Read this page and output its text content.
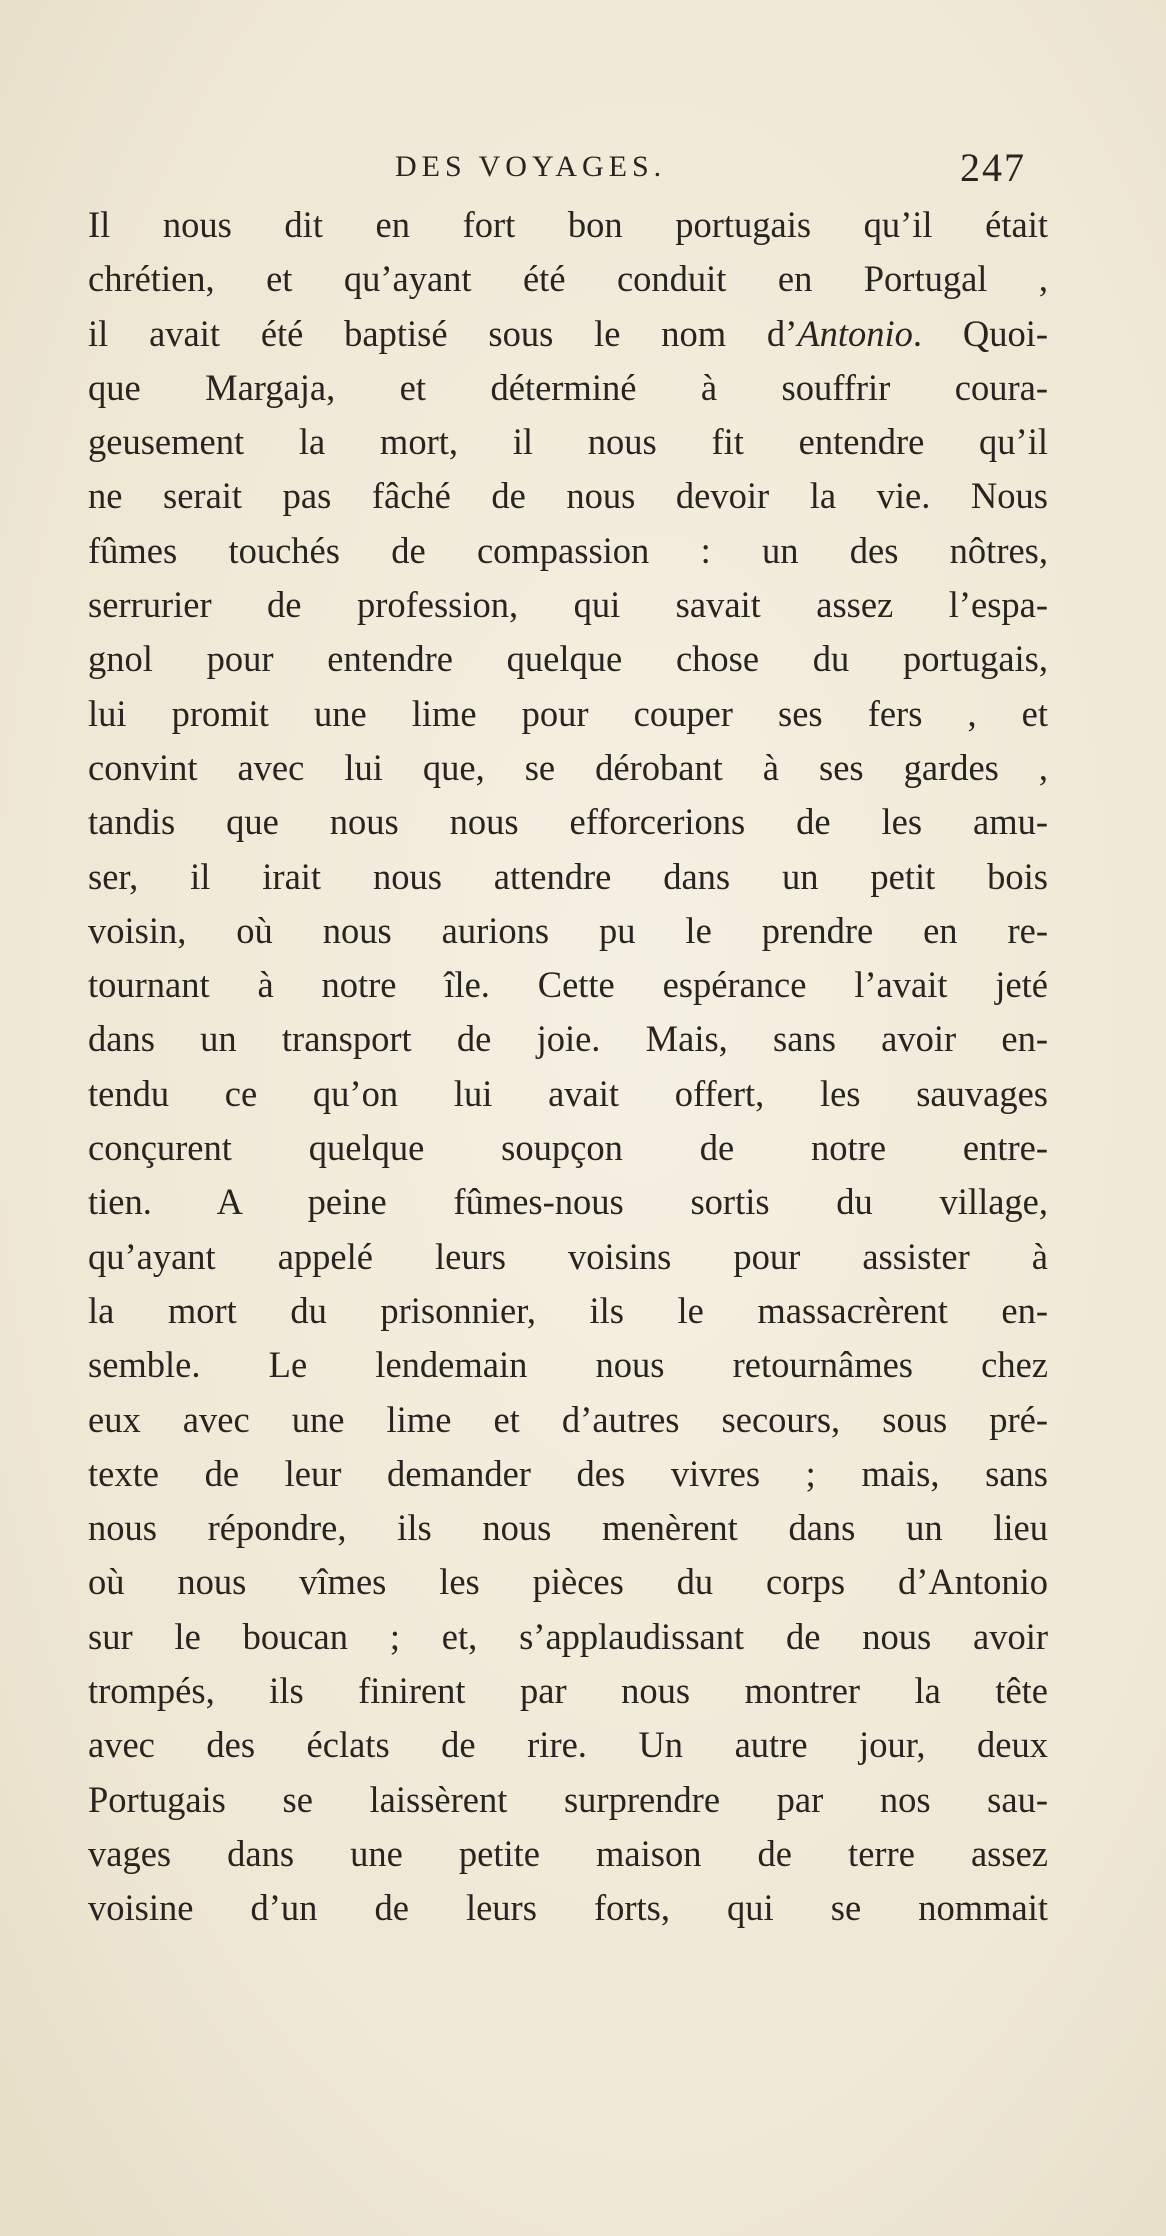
DES VOYAGES.	247
Il nous dit en fort bon portugais qu’il était
chrétien, et qu’ayant été conduit en Portugal ,
il avait été baptisé sous le nom d’Antonio. Quoi-
que Margaja, et déterminé à souffrir coura-
geusement la mort, il nous fit entendre qu’il
ne serait pas fâché de nous devoir la vie. Nous
fûmes touchés de compassion : un des nôtres,
serrurier de profession, qui savait assez l’espa-
gnol pour entendre quelque chose du portugais,
lui promit une lime pour couper ses fers , et
convint avec lui que, se dérobant à ses gardes ,
tandis que nous nous efforcerions de les amu-
ser, il irait nous attendre dans un petit bois
voisin, où nous aurions pu le prendre en re-
tournant à notre île. Cette espérance l’avait jeté
dans un transport de joie. Mais, sans avoir en-
tendu ce qu’on lui avait offert, les sauvages
conçurent quelque soupçon de notre entre-
tien. A peine fûmes-nous sortis du village,
qu’ayant appelé leurs voisins pour assister à
la mort du prisonnier, ils le massacrèrent en-
semble. Le lendemain nous retournâmes chez
eux avec une lime et d’autres secours, sous pré-
texte de leur demander des vivres ; mais, sans
nous répondre, ils nous menèrent dans un lieu
où nous vîmes les pièces du corps d’Antonio
sur le boucan ; et, s’applaudissant de nous avoir
trompés, ils finirent par nous montrer la tête
avec des éclats de rire. Un autre jour, deux
Portugais se laissèrent surprendre par nos sau-
vages dans une petite maison de terre assez
voisine d’un de leurs forts, qui se nommait
